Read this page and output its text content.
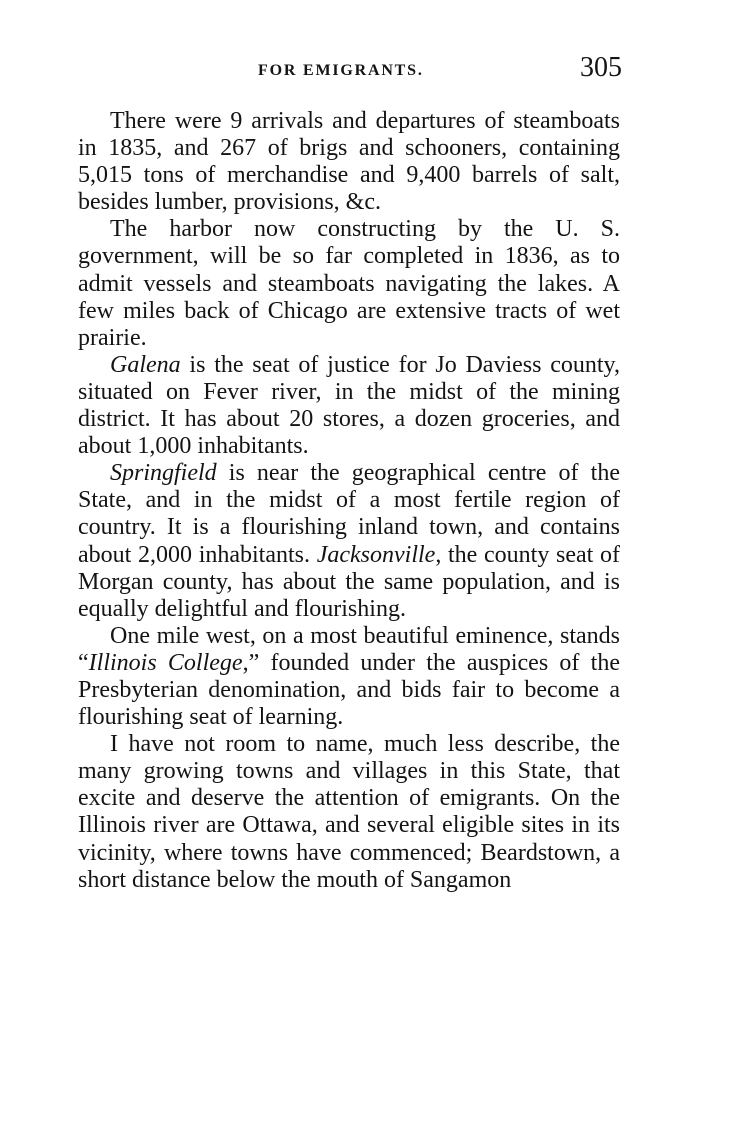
FOR EMIGRANTS.	305

There were 9 arrivals and departures of steamboats in 1835, and 267 of brigs and schooners, containing 5,015 tons of merchandise and 9,400 barrels of salt, besides lumber, provisions, &c.

The harbor now constructing by the U. S. government, will be so far completed in 1836, as to admit vessels and steamboats navigating the lakes. A few miles back of Chicago are extensive tracts of wet prairie.

Galena is the seat of justice for Jo Daviess county, situated on Fever river, in the midst of the mining district. It has about 20 stores, a dozen groceries, and about 1,000 inhabitants.

Springfield is near the geographical centre of the State, and in the midst of a most fertile region of country. It is a flourishing inland town, and contains about 2,000 inhabitants. Jacksonville, the county seat of Morgan county, has about the same population, and is equally delightful and flourishing.

One mile west, on a most beautiful eminence, stands “Illinois College,” founded under the auspices of the Presbyterian denomination, and bids fair to become a flourishing seat of learning.

I have not room to name, much less describe, the many growing towns and villages in this State, that excite and deserve the attention of emigrants. On the Illinois river are Ottawa, and several eligible sites in its vicinity, where towns have commenced; Beardstown, a short distance below the mouth of Sangamon
